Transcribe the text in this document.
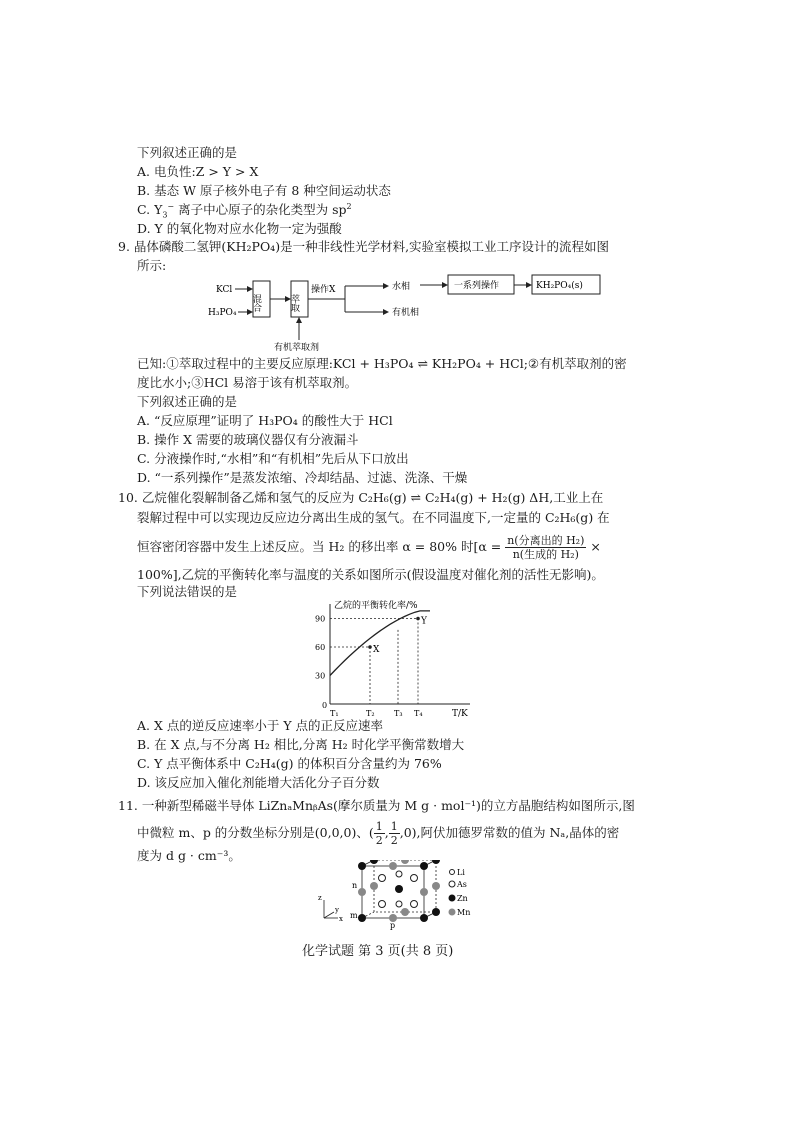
下列叙述正确的是
A. 电负性:Z > Y > X
B. 基态 W 原子核外电子有 8 种空间运动状态
C. $Y_3^-$ 离子中心原子的杂化类型为 $sp^2$
D. Y 的氧化物对应水化物一定为强酸
9. 晶体磷酸二氢钾(KH₂PO₄)是一种非线性光学材料,实验室模拟工业工序设计的流程如图
所示:
KCl
H₃PO₄
混合	萃取
操作X
有机萃取剂
水相
有机相
一系列操作	KH₂PO₄(s)
已知:①萃取过程中的主要反应原理:KCl + H₃PO₄ ⇌ KH₂PO₄ + HCl;②有机萃取剂的密
度比水小;③HCl 易溶于该有机萃取剂。
下列叙述正确的是
A. “反应原理”证明了 H₃PO₄ 的酸性大于 HCl
B. 操作 X 需要的玻璃仪器仅有分液漏斗
C. 分液操作时,“水相”和“有机相”先后从下口放出
D. “一系列操作”是蒸发浓缩、冷却结晶、过滤、洗涤、干燥
10. 乙烷催化裂解制备乙烯和氢气的反应为 C₂H₆(g) ⇌ C₂H₄(g) + H₂(g) ΔH,工业上在
裂解过程中可以实现边反应边分离出生成的氢气。在不同温度下,一定量的 C₂H₆(g) 在
恒容密闭容器中发生上述反应。当 H₂ 的移出率 α = 80% 时[$\alpha = \frac{\text{n(分离出的 H₂)}}{\text{n(生成的 H₂)}}$ ×
100%],乙烷的平衡转化率与温度的关系如图所示(假设温度对催化剂的活性无影响)。
下列说法错误的是
乙烷的平衡转化率/%
T/K
0
30
60
90
T₁	T₂ T₃ T₄
X
Y
A. X 点的逆反应速率小于 Y 点的正反应速率
B. 在 X 点,与不分离 H₂ 相比,分离 H₂ 时化学平衡常数增大
C. Y 点平衡体系中 C₂H₄(g) 的体积百分含量约为 76%
D. 该反应加入催化剂能增大活化分子百分数
11. 一种新型稀磁半导体 LiZnₐMnᵦAs(摩尔质量为 M g · mol⁻¹)的立方晶胞结构如图所示,图
中微粒 m、p 的分数坐标分别是(0,0,0)、( $\frac{1}{2}$ , $\frac{1}{2} ,0$),阿伏加德罗常数的值为 Nₐ,晶体的密
度为 d g · cm⁻³。
n
m
p
z
y
x
Li
As
Zn
Mn
化学试题 第 3 页(共 8 页)
